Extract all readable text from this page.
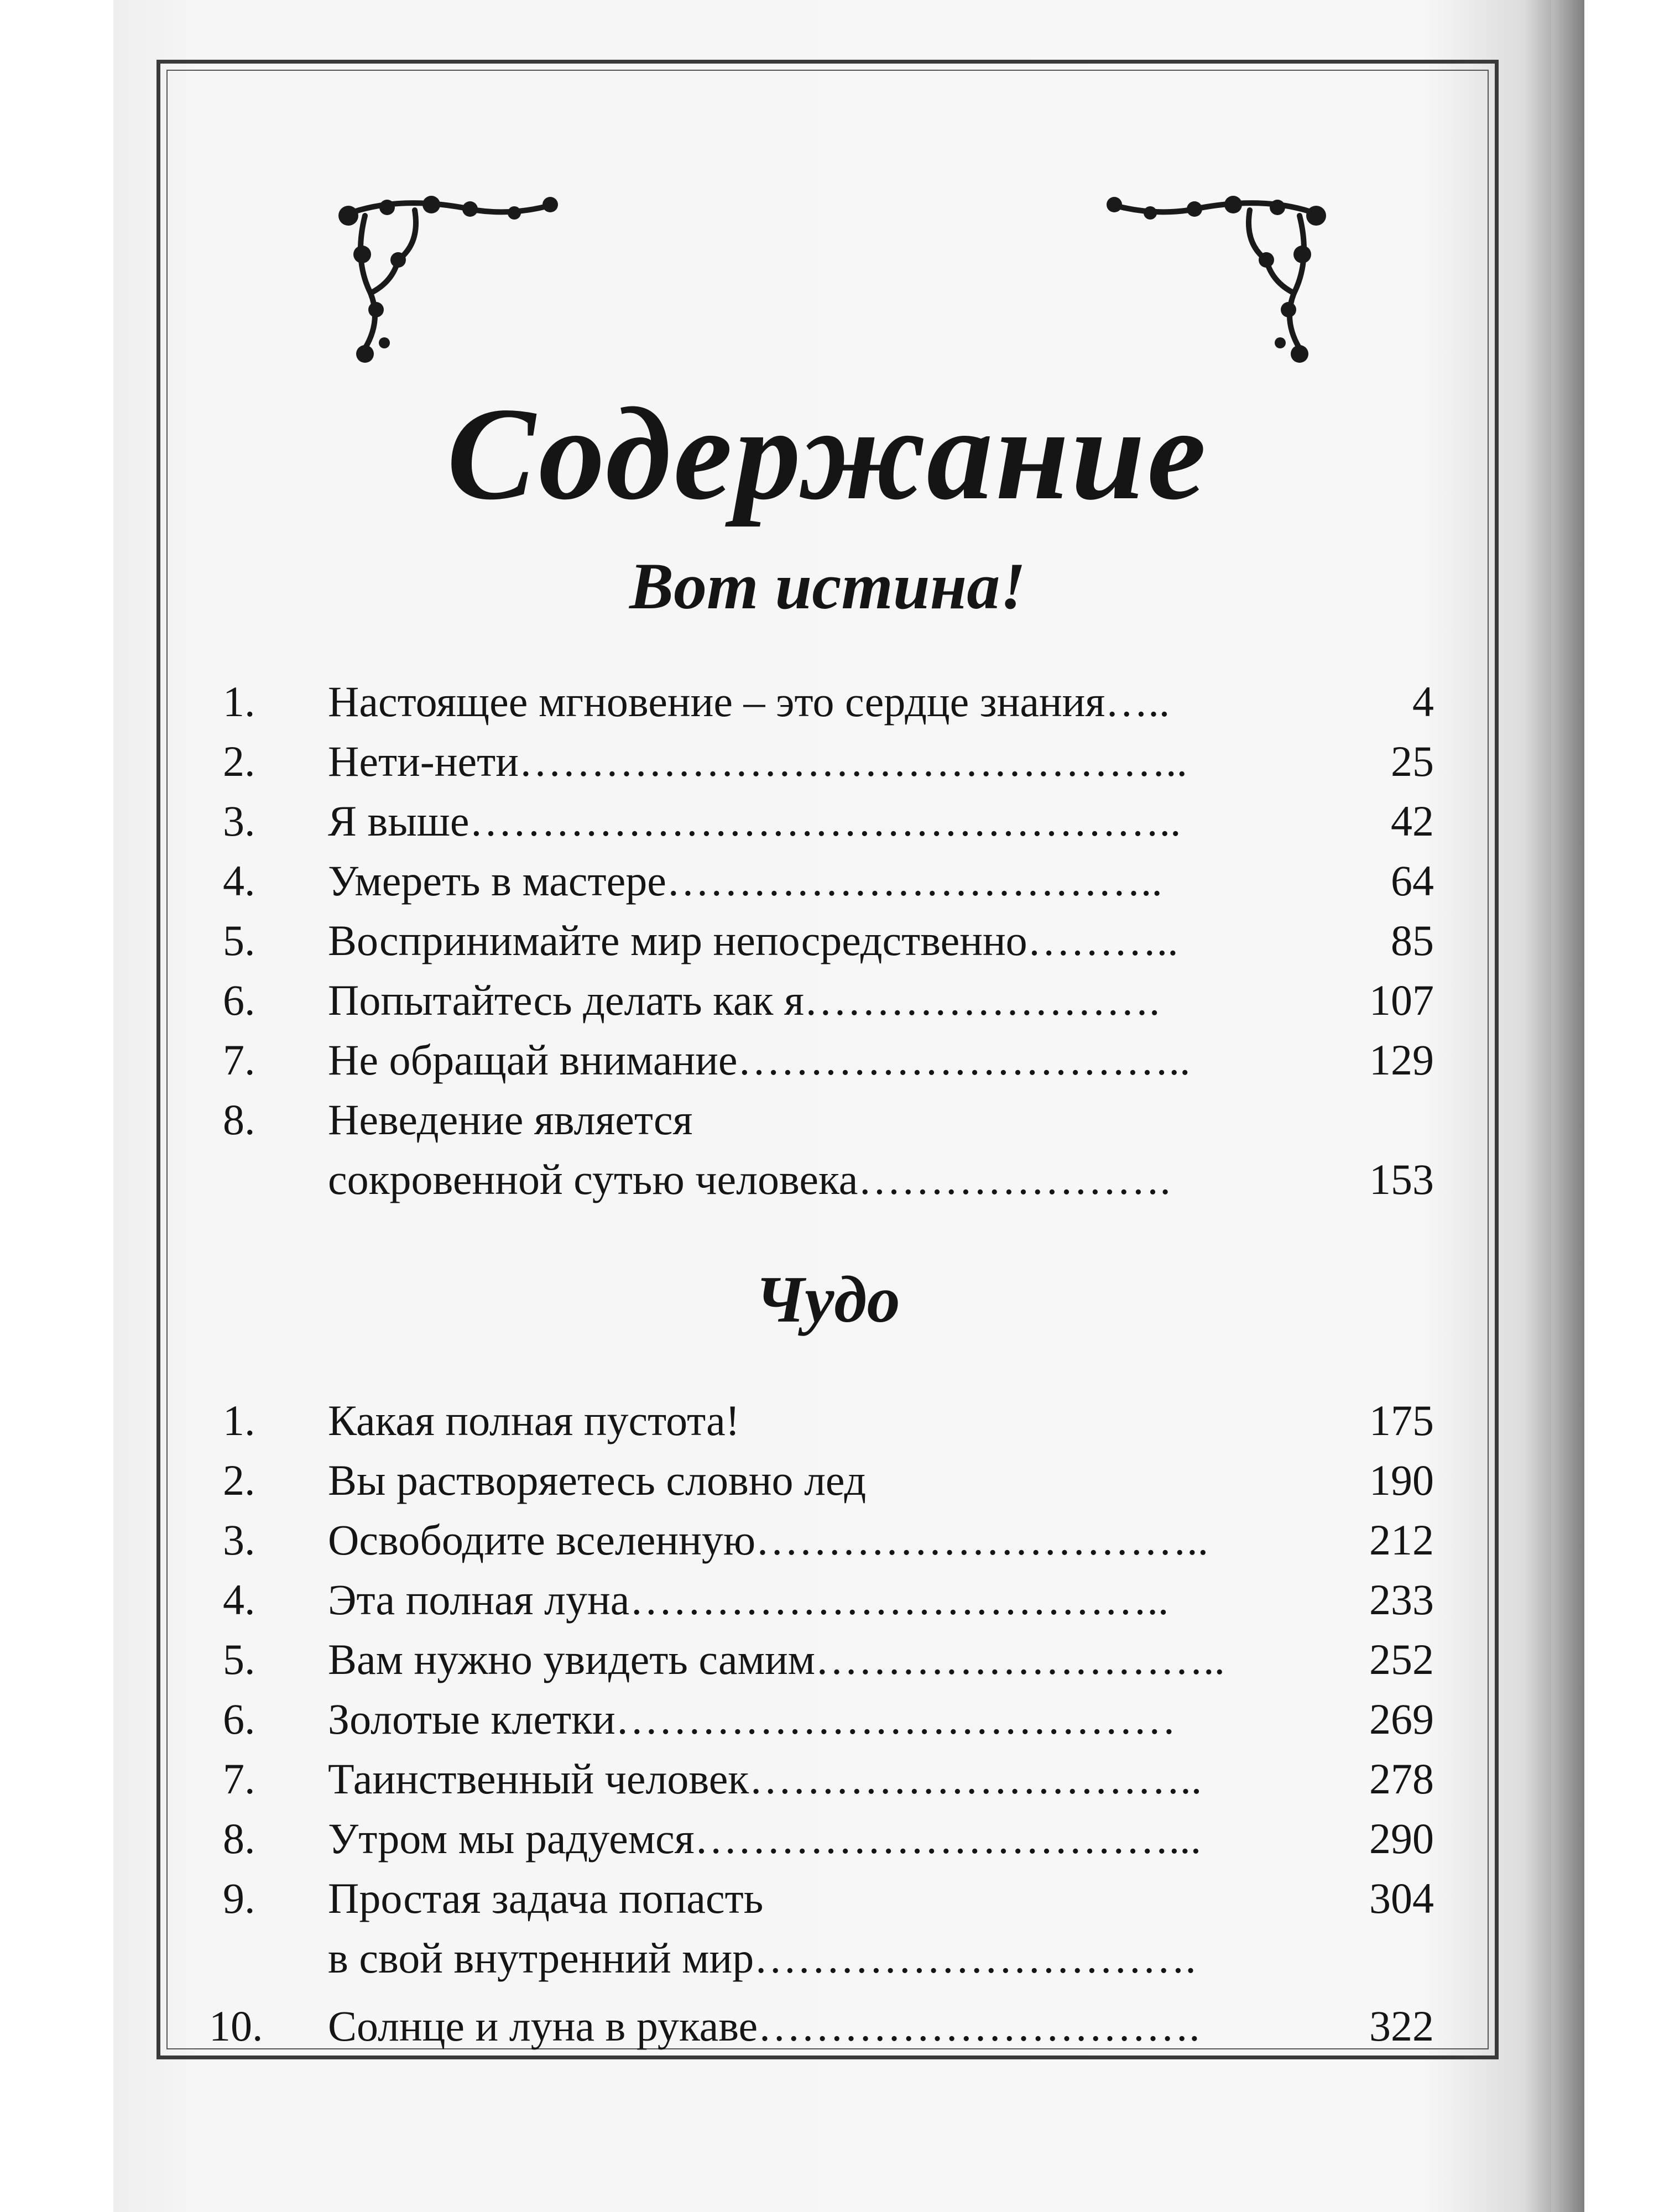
Содержание
Вот истина!
1.	Настоящее мгновение – это сердце знания…..	4
2.	Нети-нети………………………………………..	25
3.	Я выше…………………………………………..	42
4.	Умереть в мастере……………………………..	64
5.	Воспринимайте мир непосредственно………..	85
6.	Попытайтесь делать как я…………………….	107
7.	Не обращай внимание…………………………..	129
8.	Неведение является
сокровенной сутью человека………………….	153
Чудо
1.	Какая полная пустота!	175
2.	Вы растворяетесь словно лед	190
3.	Освободите вселенную…………………………..	212
4.	Эта полная луна………………………………..	233
5.	Вам нужно увидеть самим………………………..	252
6.	Золотые клетки…………………………………	269
7.	Таинственный человек…………………………..	278
8.	Утром мы радуемся……………………………...	290
9.	Простая задача попасть	304
в свой внутренний мир………………………….
10.	Солнце и луна в рукаве………………………….	322
